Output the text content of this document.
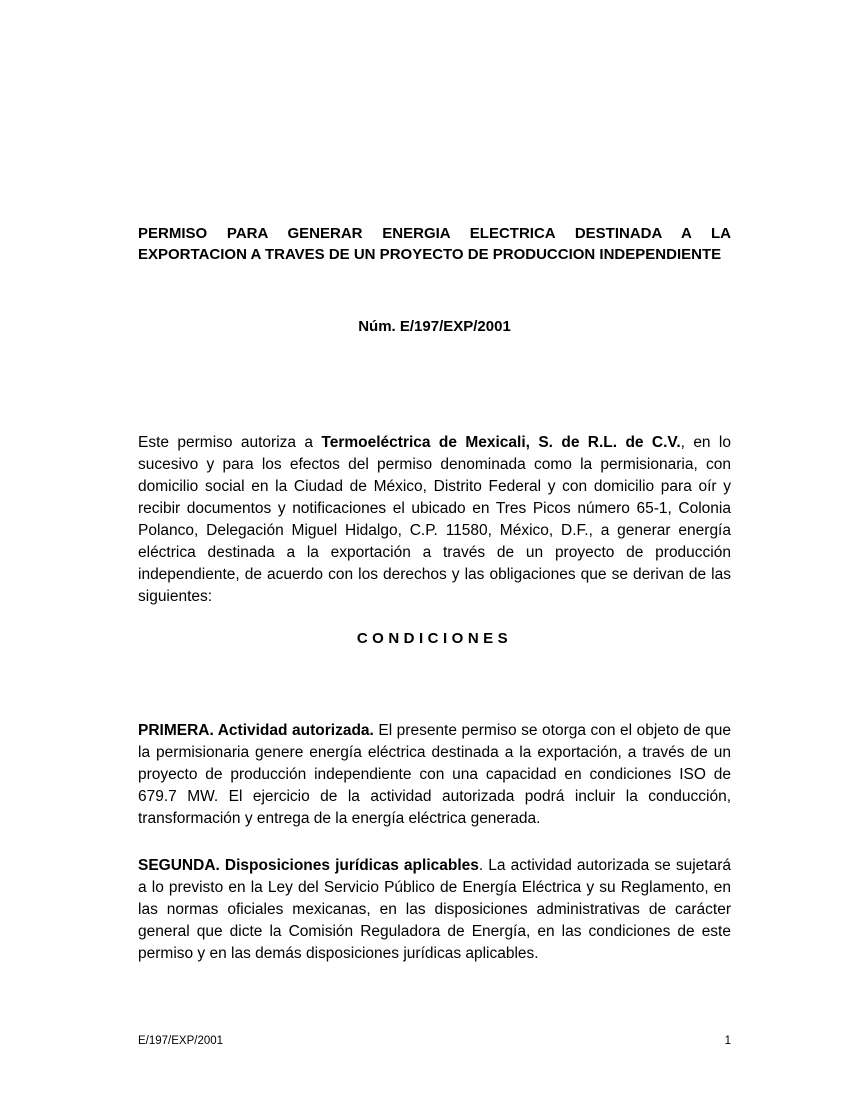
PERMISO PARA GENERAR ENERGIA ELECTRICA DESTINADA A LA EXPORTACION A TRAVES DE UN PROYECTO DE PRODUCCION INDEPENDIENTE
Núm. E/197/EXP/2001

Este permiso autoriza a Termoeléctrica de Mexicali, S. de R.L. de C.V., en lo sucesivo y para los efectos del permiso denominada como la permisionaria, con domicilio social en la Ciudad de México, Distrito Federal y con domicilio para oír y recibir documentos y notificaciones el ubicado en Tres Picos número 65-1, Colonia Polanco, Delegación Miguel Hidalgo, C.P. 11580, México, D.F., a generar energía eléctrica destinada a la exportación a través de un proyecto de producción independiente, de acuerdo con los derechos y las obligaciones que se derivan de las siguientes:

CONDICIONES

PRIMERA. Actividad autorizada. El presente permiso se otorga con el objeto de que la permisionaria genere energía eléctrica destinada a la exportación, a través de un proyecto de producción independiente con una capacidad en condiciones ISO de 679.7 MW. El ejercicio de la actividad autorizada podrá incluir la conducción, transformación y entrega de la energía eléctrica generada.

SEGUNDA. Disposiciones jurídicas aplicables. La actividad autorizada se sujetará a lo previsto en la Ley del Servicio Público de Energía Eléctrica y su Reglamento, en las normas oficiales mexicanas, en las disposiciones administrativas de carácter general que dicte la Comisión Reguladora de Energía, en las condiciones de este permiso y en las demás disposiciones jurídicas aplicables.

E/197/EXP/2001	1
